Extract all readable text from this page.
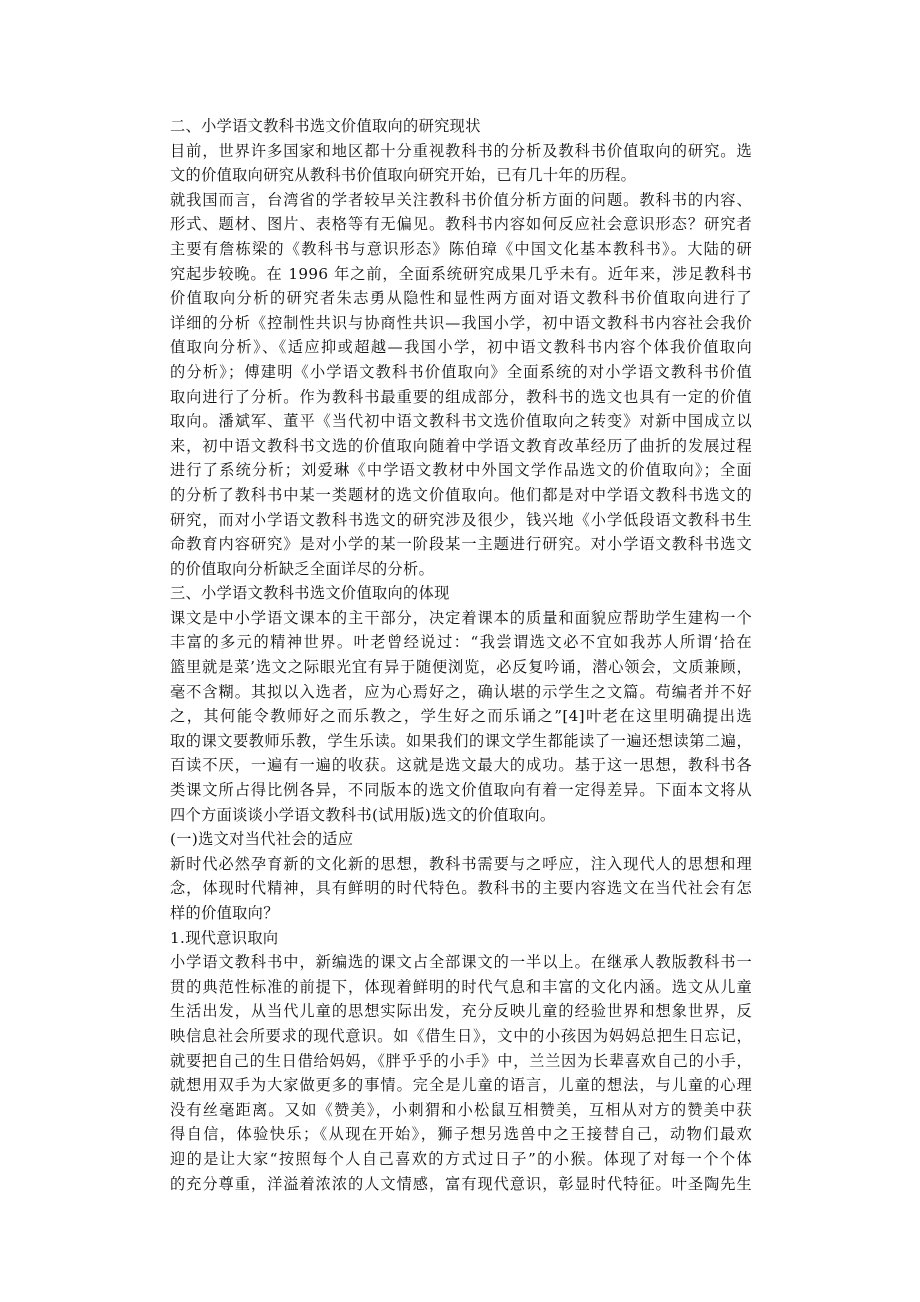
二、小学语文教科书选文价值取向的研究现状
目前，世界许多国家和地区都十分重视教科书的分析及教科书价值取向的研究。选
文的价值取向研究从教科书价值取向研究开始，已有几十年的历程。
就我国而言，台湾省的学者较早关注教科书价值分析方面的问题。教科书的内容、
形式、题材、图片、表格等有无偏见。教科书内容如何反应社会意识形态？研究者
主要有詹栋梁的《教科书与意识形态》陈伯璋《中国文化基本教科书》。大陆的研
究起步较晚。在 1996 年之前，全面系统研究成果几乎未有。近年来，涉足教科书
价值取向分析的研究者朱志勇从隐性和显性两方面对语文教科书价值取向进行了
详细的分析《控制性共识与协商性共识—我国小学，初中语文教科书内容社会我价
值取向分析》、《适应抑或超越—我国小学，初中语文教科书内容个体我价值取向
的分析》；傅建明《小学语文教科书价值取向》全面系统的对小学语文教科书价值
取向进行了分析。作为教科书最重要的组成部分，教科书的选文也具有一定的价值
取向。潘斌军、董平《当代初中语文教科书文选价值取向之转变》对新中国成立以
来，初中语文教科书文选的价值取向随着中学语文教育改革经历了曲折的发展过程
进行了系统分析；刘爱琳《中学语文教材中外国文学作品选文的价值取向》；全面
的分析了教科书中某一类题材的选文价值取向。他们都是对中学语文教科书选文的
研究，而对小学语文教科书选文的研究涉及很少，钱兴地《小学低段语文教科书生
命教育内容研究》是对小学的某一阶段某一主题进行研究。对小学语文教科书选文
的价值取向分析缺乏全面详尽的分析。
三、小学语文教科书选文价值取向的体现
课文是中小学语文课本的主干部分，决定着课本的质量和面貌应帮助学生建构一个
丰富的多元的精神世界。叶老曾经说过：“我尝谓选文必不宜如我苏人所谓‘拾在
篮里就是菜’选文之际眼光宜有异于随便浏览，必反复吟诵，潜心领会，文质兼顾，
毫不含糊。其拟以入选者，应为心焉好之，确认堪的示学生之文篇。苟编者并不好
之，其何能令教师好之而乐教之，学生好之而乐诵之”[4]叶老在这里明确提出选
取的课文要教师乐教，学生乐读。如果我们的课文学生都能读了一遍还想读第二遍，
百读不厌，一遍有一遍的收获。这就是选文最大的成功。基于这一思想，教科书各
类课文所占得比例各异，不同版本的选文价值取向有着一定得差异。下面本文将从
四个方面谈谈小学语文教科书(试用版)选文的价值取向。
(一)选文对当代社会的适应
新时代必然孕育新的文化新的思想，教科书需要与之呼应，注入现代人的思想和理
念，体现时代精神，具有鲜明的时代特色。教科书的主要内容选文在当代社会有怎
样的价值取向？
1.现代意识取向
小学语文教科书中，新编选的课文占全部课文的一半以上。在继承人教版教科书一
贯的典范性标准的前提下，体现着鲜明的时代气息和丰富的文化内涵。选文从儿童
生活出发，从当代儿童的思想实际出发，充分反映儿童的经验世界和想象世界，反
映信息社会所要求的现代意识。如《借生日》，文中的小孩因为妈妈总把生日忘记，
就要把自己的生日借给妈妈，《胖乎乎的小手》中，兰兰因为长辈喜欢自己的小手，
就想用双手为大家做更多的事情。完全是儿童的语言，儿童的想法，与儿童的心理
没有丝毫距离。又如《赞美》，小刺猬和小松鼠互相赞美，互相从对方的赞美中获
得自信，体验快乐；《从现在开始》，狮子想另选兽中之王接替自己，动物们最欢
迎的是让大家“按照每个人自己喜欢的方式过日子”的小猴。体现了对每一个个体
的充分尊重，洋溢着浓浓的人文情感，富有现代意识，彰显时代特征。叶圣陶先生
